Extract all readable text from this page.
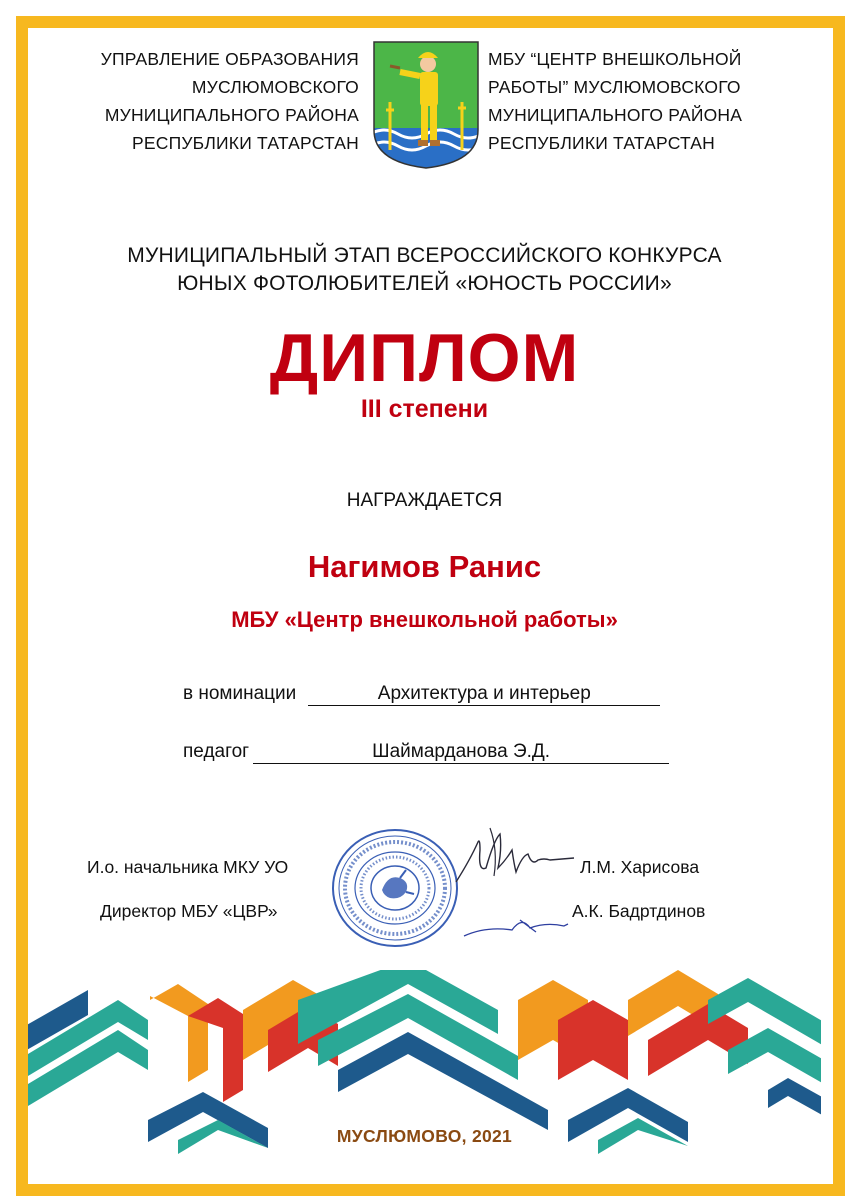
УПРАВЛЕНИЕ ОБРАЗОВАНИЯ
МУСЛЮМОВСКОГО
МУНИЦИПАЛЬНОГО РАЙОНА
РЕСПУБЛИКИ ТАТАРСТАН
МБУ “ЦЕНТР ВНЕШКОЛЬНОЙ
РАБОТЫ” МУСЛЮМОВСКОГО
МУНИЦИПАЛЬНОГО РАЙОНА
РЕСПУБЛИКИ ТАТАРСТАН
МУНИЦИПАЛЬНЫЙ ЭТАП ВСЕРОССИЙСКОГО КОНКУРСА
ЮНЫХ ФОТОЛЮБИТЕЛЕЙ «ЮНОСТЬ РОССИИ»
ДИПЛОМ
III степени
НАГРАЖДАЕТСЯ
Нагимов Ранис
МБУ «Центр внешкольной работы»
в номинации	Архитектура и интерьер
педагог	Шаймарданова Э.Д.
И.о. начальника МКУ УО	Л.М. Харисова
Директор МБУ «ЦВР»	А.К. Бадртдинов
МУСЛЮМОВО, 2021
